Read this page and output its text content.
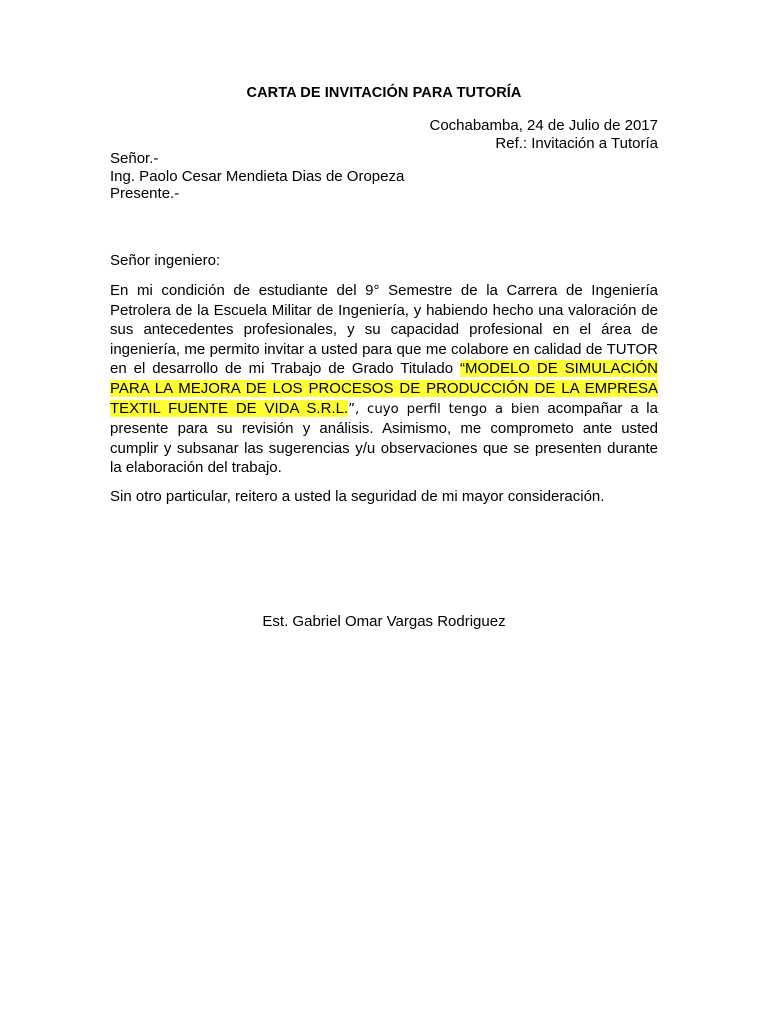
CARTA DE INVITACIÓN PARA TUTORÍA
Cochabamba, 24 de Julio de 2017
Ref.: Invitación a Tutoría
Señor.-
Ing. Paolo Cesar Mendieta Dias de Oropeza
Presente.-
Señor ingeniero:
En mi condición de estudiante del 9° Semestre de la Carrera de Ingeniería Petrolera de la Escuela Militar de Ingeniería, y habiendo hecho una valoración de sus antecedentes profesionales, y su capacidad profesional en el área de ingeniería, me permito invitar a usted para que me colabore en calidad de TUTOR en el desarrollo de mi Trabajo de Grado Titulado “MODELO DE SIMULACIÓN PARA LA MEJORA DE LOS PROCESOS DE PRODUCCIÓN DE LA EMPRESA TEXTIL FUENTE DE VIDA S.R.L.”, cuyo perfil tengo a bien acompañar a la presente para su revisión y análisis. Asimismo, me comprometo ante usted cumplir y subsanar las sugerencias y/u observaciones que se presenten durante la elaboración del trabajo.
Sin otro particular, reitero a usted la seguridad de mi mayor consideración.
Est. Gabriel Omar Vargas Rodriguez
